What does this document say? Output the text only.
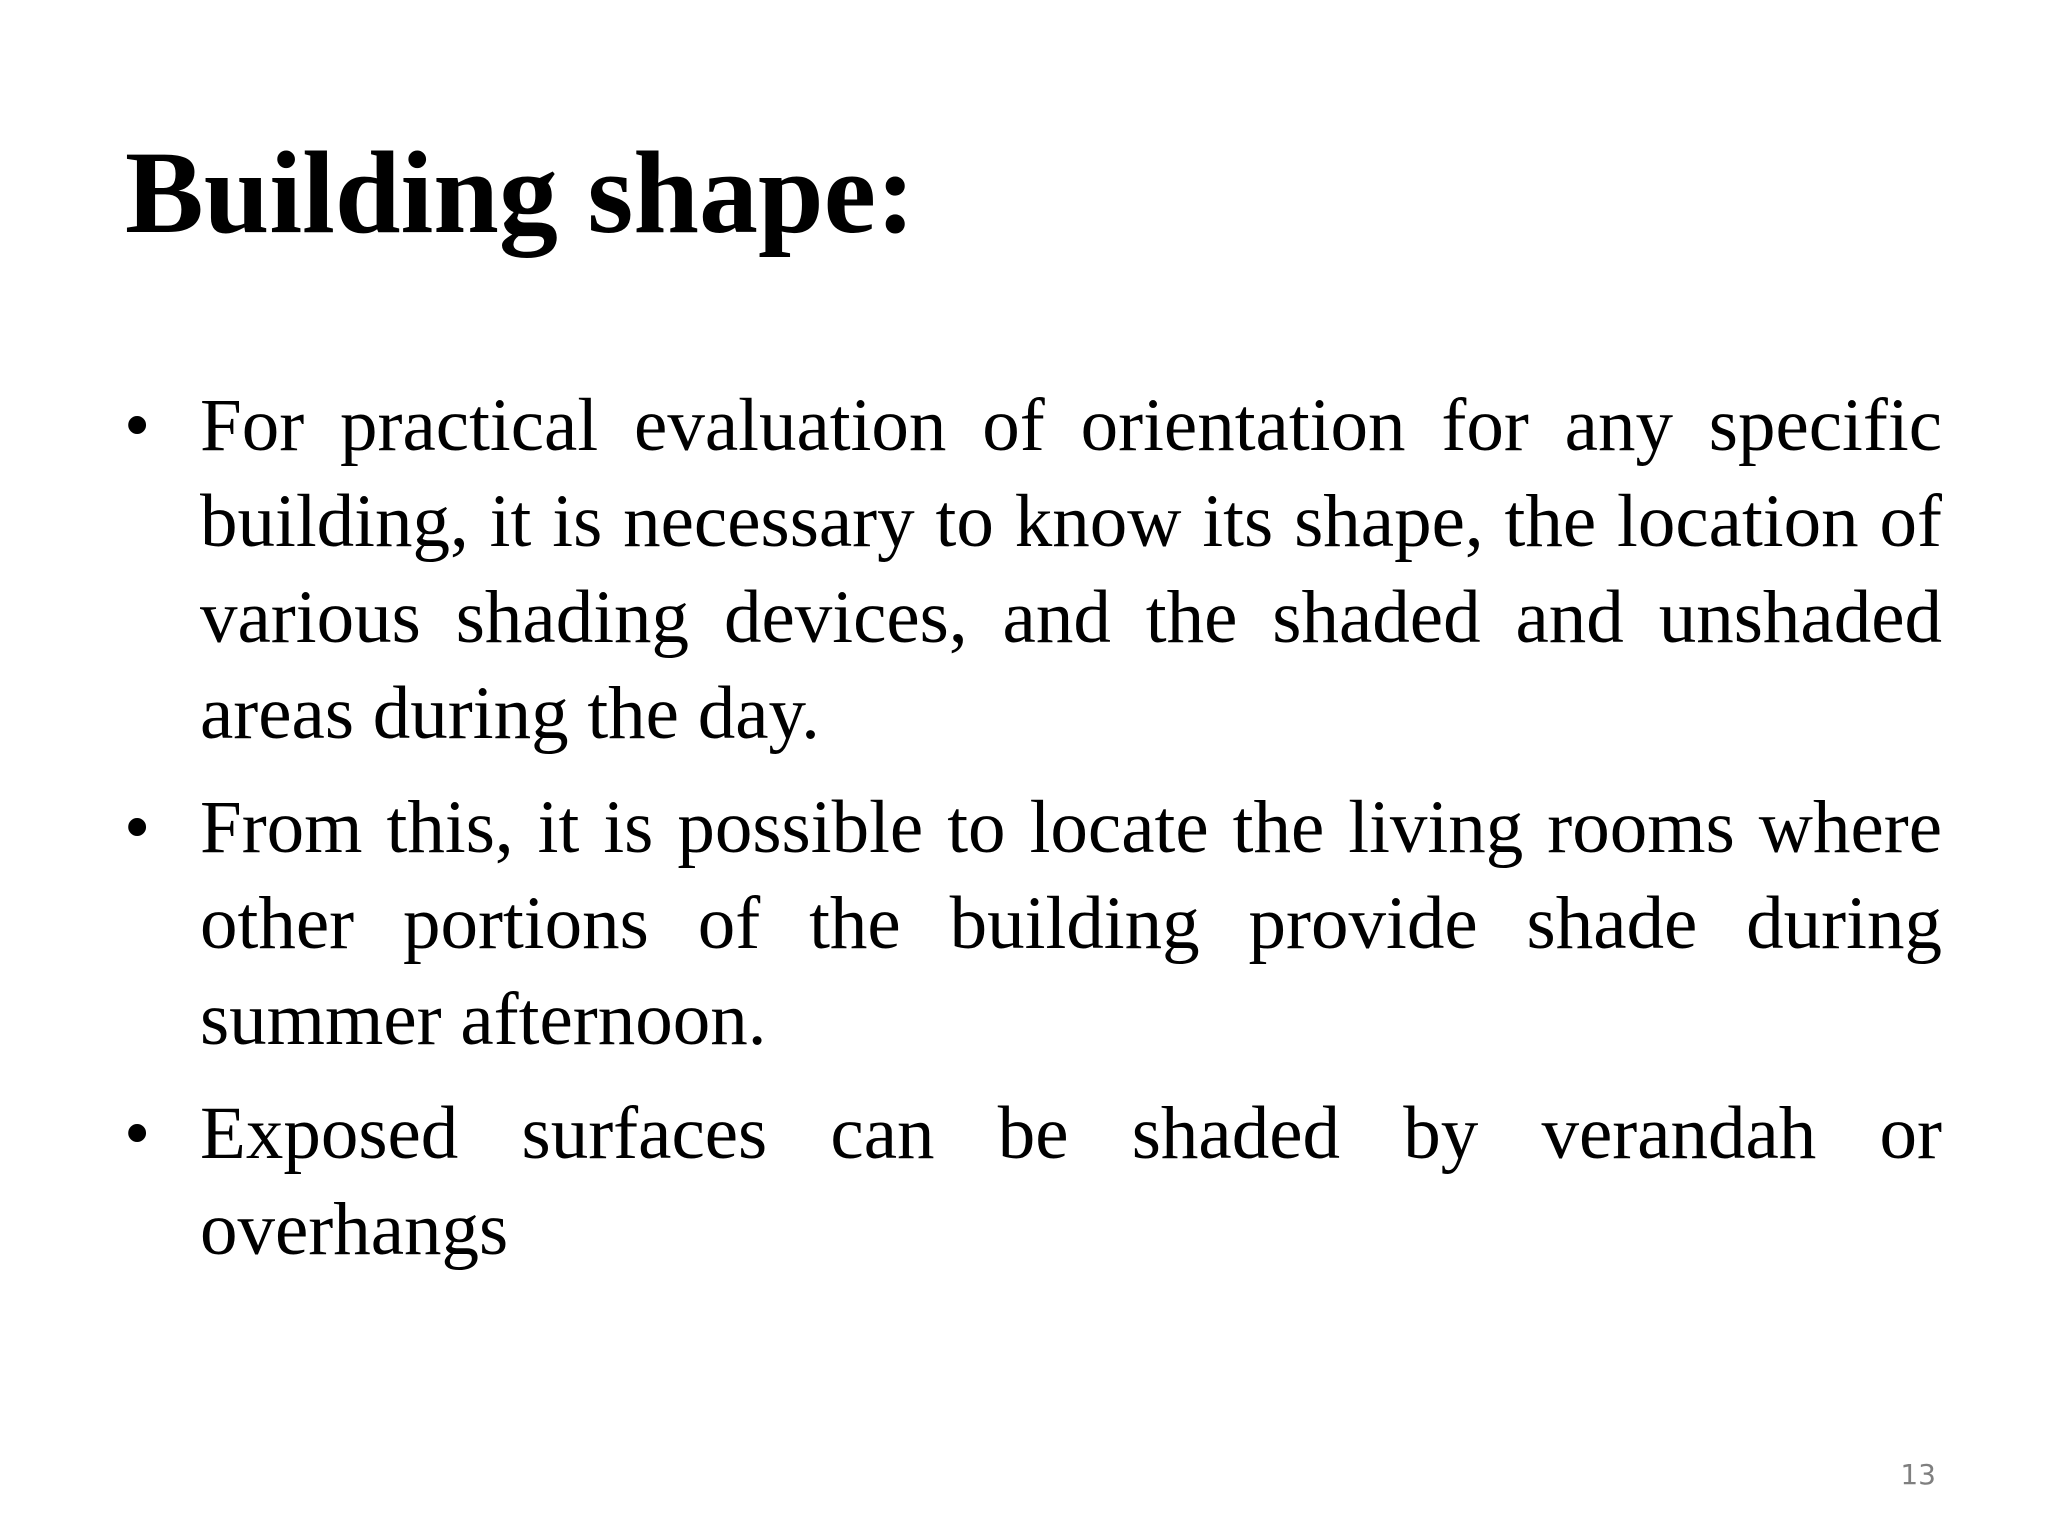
Building shape:
• For practical evaluation of orientation for any specific building, it is necessary to know its shape, the location of various shading devices, and the shaded and unshaded areas during the day.
• From this, it is possible to locate the living rooms where other portions of the building provide shade during summer afternoon.
• Exposed surfaces can be shaded by verandah or overhangs
13
